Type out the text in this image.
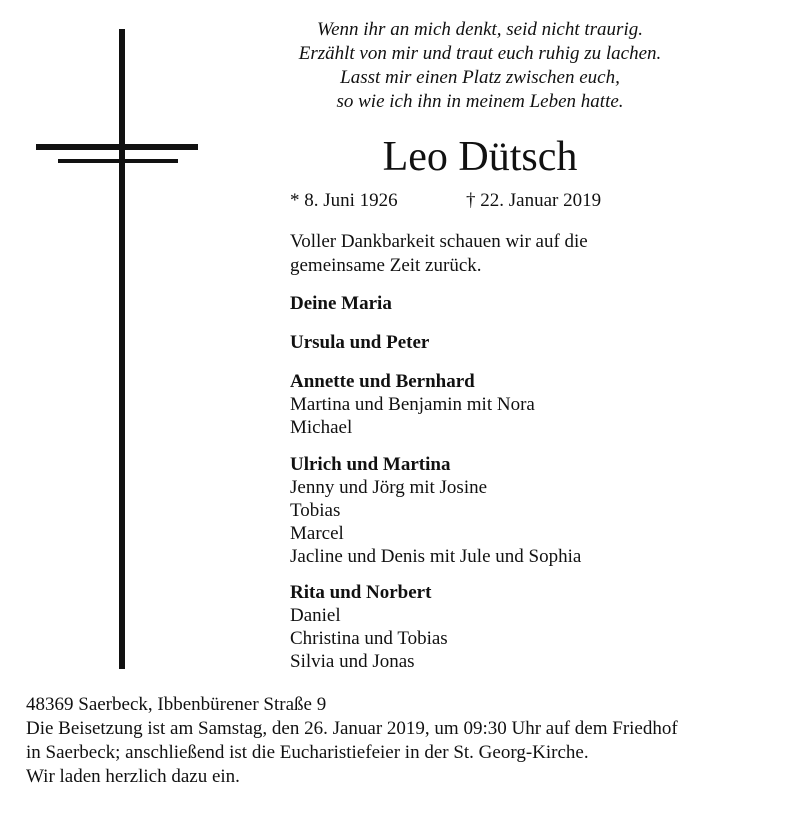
Wenn ihr an mich denkt, seid nicht traurig.
Erzählt von mir und traut euch ruhig zu lachen.
Lasst mir einen Platz zwischen euch,
so wie ich ihn in meinem Leben hatte.
Leo Dütsch
* 8. Juni 1926	† 22. Januar 2019
Voller Dankbarkeit schauen wir auf die
gemeinsame Zeit zurück.
Deine Maria
Ursula und Peter
Annette und Bernhard
Martina und Benjamin mit Nora
Michael
Ulrich und Martina
Jenny und Jörg mit Josine
Tobias
Marcel
Jacline und Denis mit Jule und Sophia
Rita und Norbert
Daniel
Christina und Tobias
Silvia und Jonas
48369 Saerbeck, Ibbenbürener Straße 9
Die Beisetzung ist am Samstag, den 26. Januar 2019, um 09:30 Uhr auf dem Friedhof
in Saerbeck; anschließend ist die Eucharistiefeier in der St. Georg-Kirche.
Wir laden herzlich dazu ein.
